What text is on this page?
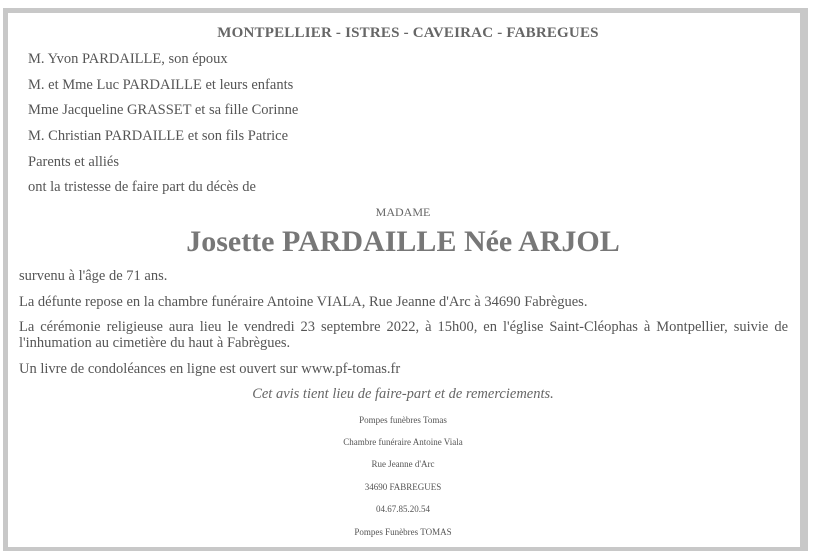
MONTPELLIER - ISTRES - CAVEIRAC - FABREGUES
M. Yvon PARDAILLE, son époux
M. et Mme Luc PARDAILLE et leurs enfants
Mme Jacqueline GRASSET et sa fille Corinne
M. Christian PARDAILLE et son fils Patrice
Parents et alliés
ont la tristesse de faire part du décès de
MADAME
Josette PARDAILLE Née ARJOL
survenu à l'âge de 71 ans.
La défunte repose en la chambre funéraire Antoine VIALA, Rue Jeanne d'Arc à 34690 Fabrègues.
La cérémonie religieuse aura lieu le vendredi 23 septembre 2022, à 15h00, en l'église Saint-Cléophas à Montpellier, suivie de l'inhumation au cimetière du haut à Fabrègues.
Un livre de condoléances en ligne est ouvert sur www.pf-tomas.fr
Cet avis tient lieu de faire-part et de remerciements.
Pompes funèbres Tomas
Chambre funéraire Antoine Viala
Rue Jeanne d'Arc
34690 FABREGUES
04.67.85.20.54
Pompes Funèbres TOMAS
